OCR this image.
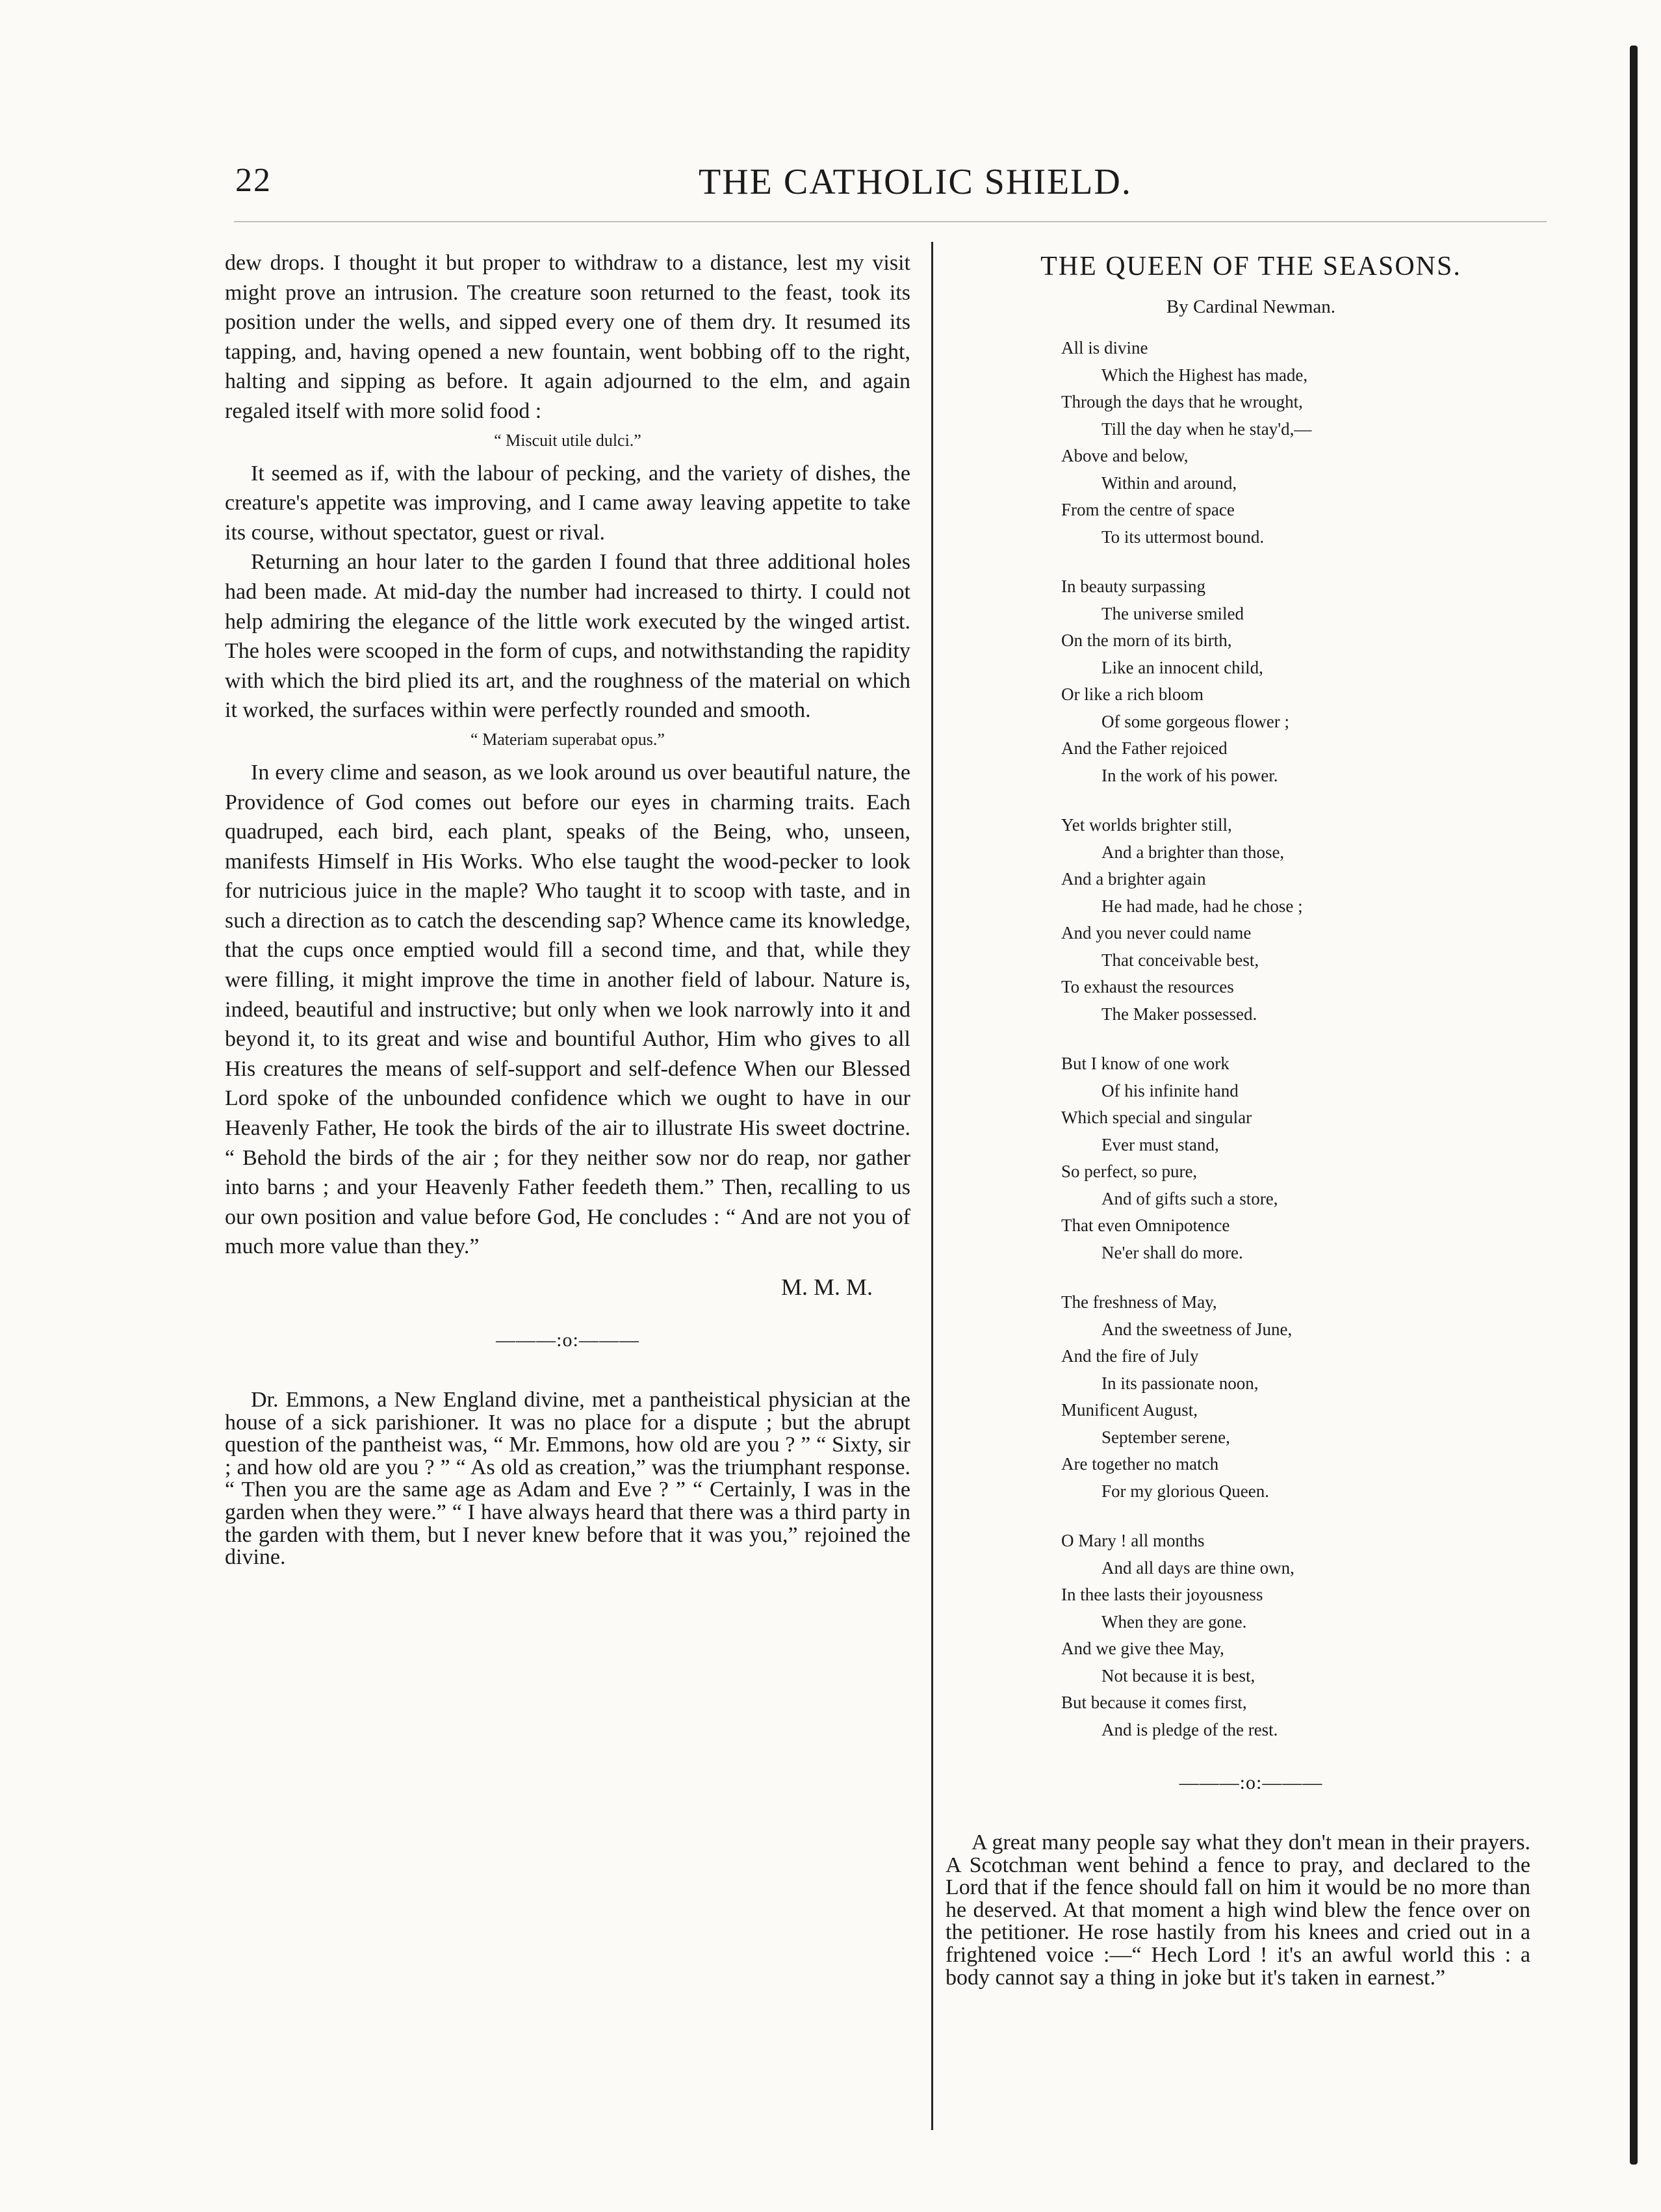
22	THE CATHOLIC SHIELD.

dew drops. I thought it but proper to withdraw to a distance, lest my visit might prove an intrusion. The creature soon returned to the feast, took its position under the wells, and sipped every one of them dry. It resumed its tapping, and, having opened a new fountain, went bobbing off to the right, halting and sipping as before. It again adjourned to the elm, and again regaled itself with more solid food :

“ Miscuit utile dulci.”

It seemed as if, with the labour of pecking, and the variety of dishes, the creature's appetite was improving, and I came away leaving appetite to take its course, without spectator, guest or rival.

Returning an hour later to the garden I found that three additional holes had been made. At mid-day the number had increased to thirty. I could not help admiring the elegance of the little work executed by the winged artist. The holes were scooped in the form of cups, and notwithstanding the rapidity with which the bird plied its art, and the roughness of the material on which it worked, the surfaces within were perfectly rounded and smooth.

“ Materiam superabat opus.”

In every clime and season, as we look around us over beautiful nature, the Providence of God comes out before our eyes in charming traits. Each quadruped, each bird, each plant, speaks of the Being, who, unseen, manifests Himself in His Works. Who else taught the wood-pecker to look for nutricious juice in the maple? Who taught it to scoop with taste, and in such a direction as to catch the descending sap? Whence came its knowledge, that the cups once emptied would fill a second time, and that, while they were filling, it might improve the time in another field of labour. Nature is, indeed, beautiful and instructive; but only when we look narrowly into it and beyond it, to its great and wise and bountiful Author, Him who gives to all His creatures the means of self-support and self-defence When our Blessed Lord spoke of the unbounded confidence which we ought to have in our Heavenly Father, He took the birds of the air to illustrate His sweet doctrine. “ Behold the birds of the air ; for they neither sow nor do reap, nor gather into barns ; and your Heavenly Father feedeth them.” Then, recalling to us our own position and value before God, He concludes : “ And are not you of much more value than they.”

M. M. M.
———:o:———

Dr. Emmons, a New England divine, met a pantheistical physician at the house of a sick parishioner. It was no place for a dispute ; but the abrupt question of the pantheist was, “ Mr. Emmons, how old are you ? ” “ Sixty, sir ; and how old are you ? ” “ As old as creation,” was the triumphant response. “ Then you are the same age as Adam and Eve ? ” “ Certainly, I was in the garden when they were.” “ I have always heard that there was a third party in the garden with them, but I never knew before that it was you,” rejoined the divine.

THE QUEEN OF THE SEASONS.
By Cardinal Newman.
All is divine
Which the Highest has made,
Through the days that he wrought,
Till the day when he stay'd,—
Above and below,
Within and around,
From the centre of space
To its uttermost bound.
In beauty surpassing
The universe smiled
On the morn of its birth,
Like an innocent child,
Or like a rich bloom
Of some gorgeous flower ;
And the Father rejoiced
In the work of his power.
Yet worlds brighter still,
And a brighter than those,
And a brighter again
He had made, had he chose ;
And you never could name
That conceivable best,
To exhaust the resources
The Maker possessed.
But I know of one work
Of his infinite hand
Which special and singular
Ever must stand,
So perfect, so pure,
And of gifts such a store,
That even Omnipotence
Ne'er shall do more.
The freshness of May,
And the sweetness of June,
And the fire of July
In its passionate noon,
Munificent August,
September serene,
Are together no match
For my glorious Queen.
O Mary ! all months
And all days are thine own,
In thee lasts their joyousness
When they are gone.
And we give thee May,
Not because it is best,
But because it comes first,
And is pledge of the rest.
———:o:———

A great many people say what they don't mean in their prayers. A Scotchman went behind a fence to pray, and declared to the Lord that if the fence should fall on him it would be no more than he deserved. At that moment a high wind blew the fence over on the petitioner. He rose hastily from his knees and cried out in a frightened voice :—“ Hech Lord ! it's an awful world this : a body cannot say a thing in joke but it's taken in earnest.”
